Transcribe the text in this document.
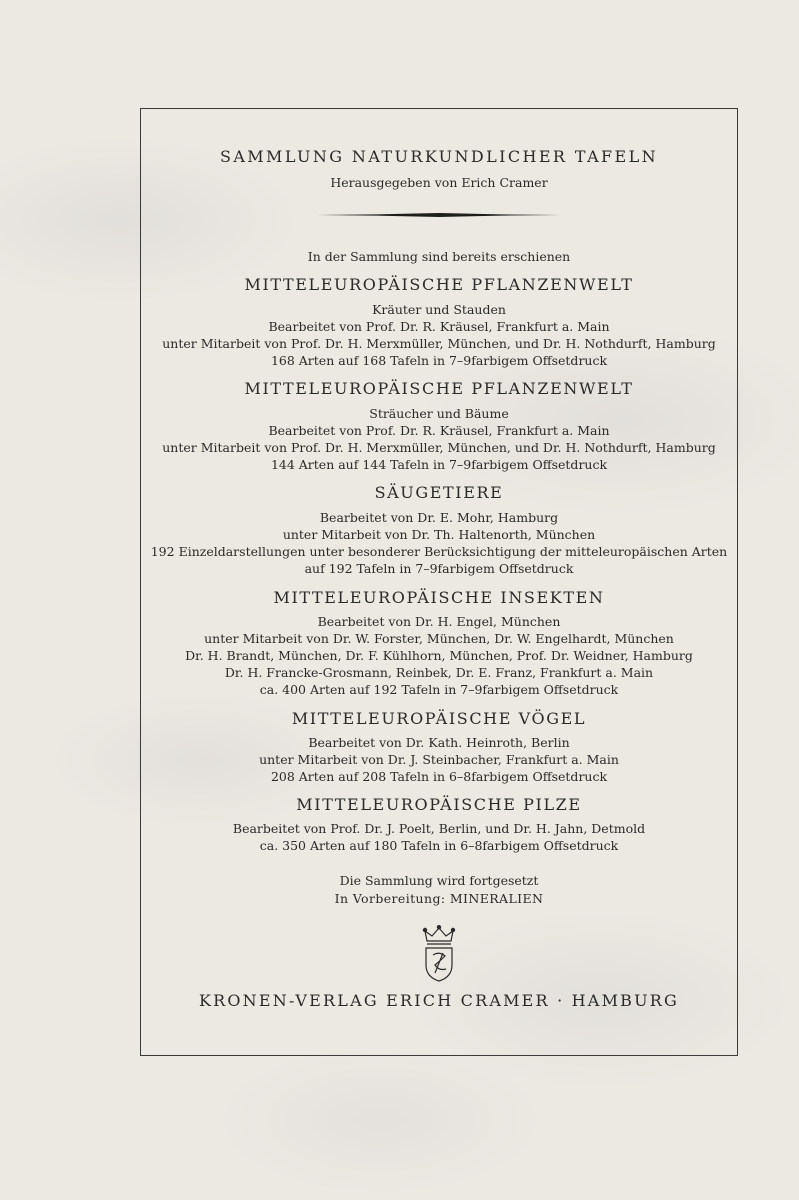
SAMMLUNG NATURKUNDLICHER TAFELN
Herausgegeben von Erich Cramer
In der Sammlung sind bereits erschienen
MITTELEUROPÄISCHE PFLANZENWELT
Kräuter und Stauden
Bearbeitet von Prof. Dr. R. Kräusel, Frankfurt a. Main
unter Mitarbeit von Prof. Dr. H. Merxmüller, München, und Dr. H. Nothdurft, Hamburg
168 Arten auf 168 Tafeln in 7–9farbigem Offsetdruck
MITTELEUROPÄISCHE PFLANZENWELT
Sträucher und Bäume
Bearbeitet von Prof. Dr. R. Kräusel, Frankfurt a. Main
unter Mitarbeit von Prof. Dr. H. Merxmüller, München, und Dr. H. Nothdurft, Hamburg
144 Arten auf 144 Tafeln in 7–9farbigem Offsetdruck
SÄUGETIERE
Bearbeitet von Dr. E. Mohr, Hamburg
unter Mitarbeit von Dr. Th. Haltenorth, München
192 Einzeldarstellungen unter besonderer Berücksichtigung der mitteleuropäischen Arten
auf 192 Tafeln in 7–9farbigem Offsetdruck
MITTELEUROPÄISCHE INSEKTEN
Bearbeitet von Dr. H. Engel, München
unter Mitarbeit von Dr. W. Forster, München, Dr. W. Engelhardt, München
Dr. H. Brandt, München, Dr. F. Kühlhorn, München, Prof. Dr. Weidner, Hamburg
Dr. H. Francke-Grosmann, Reinbek, Dr. E. Franz, Frankfurt a. Main
ca. 400 Arten auf 192 Tafeln in 7–9farbigem Offsetdruck
MITTELEUROPÄISCHE VÖGEL
Bearbeitet von Dr. Kath. Heinroth, Berlin
unter Mitarbeit von Dr. J. Steinbacher, Frankfurt a. Main
208 Arten auf 208 Tafeln in 6–8farbigem Offsetdruck
MITTELEUROPÄISCHE PILZE
Bearbeitet von Prof. Dr. J. Poelt, Berlin, und Dr. H. Jahn, Detmold
ca. 350 Arten auf 180 Tafeln in 6–8farbigem Offsetdruck
Die Sammlung wird fortgesetzt
In Vorbereitung: MINERALIEN
KRONEN-VERLAG ERICH CRAMER · HAMBURG
